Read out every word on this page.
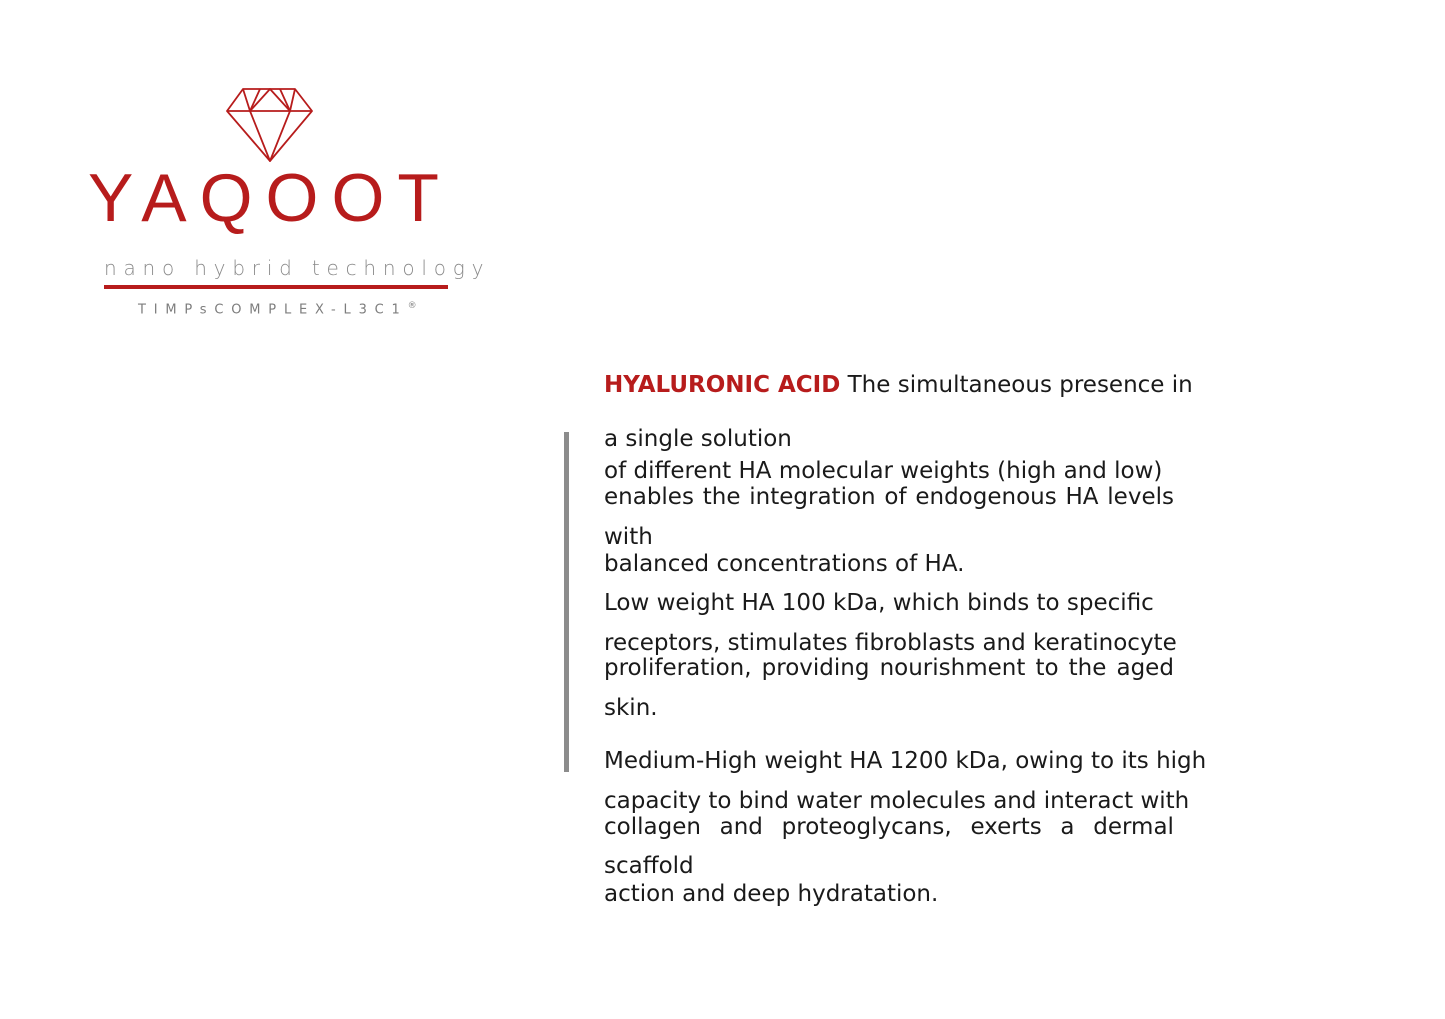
YAQOOT
nano hybrid technology
TIMPsCOMPLEX-L3C1®
HYALURONIC ACID The simultaneous presence in
a single solution
of different HA molecular weights (high and low)
enables the integration of endogenous HA levels
with
balanced concentrations of HA.
Low weight HA 100 kDa, which binds to specific
receptors, stimulates fibroblasts and keratinocyte
proliferation, providing nourishment to the aged
skin.
Medium-High weight HA 1200 kDa, owing to its high
capacity to bind water molecules and interact with
collagen and proteoglycans, exerts a dermal
scaffold
action and deep hydratation.
